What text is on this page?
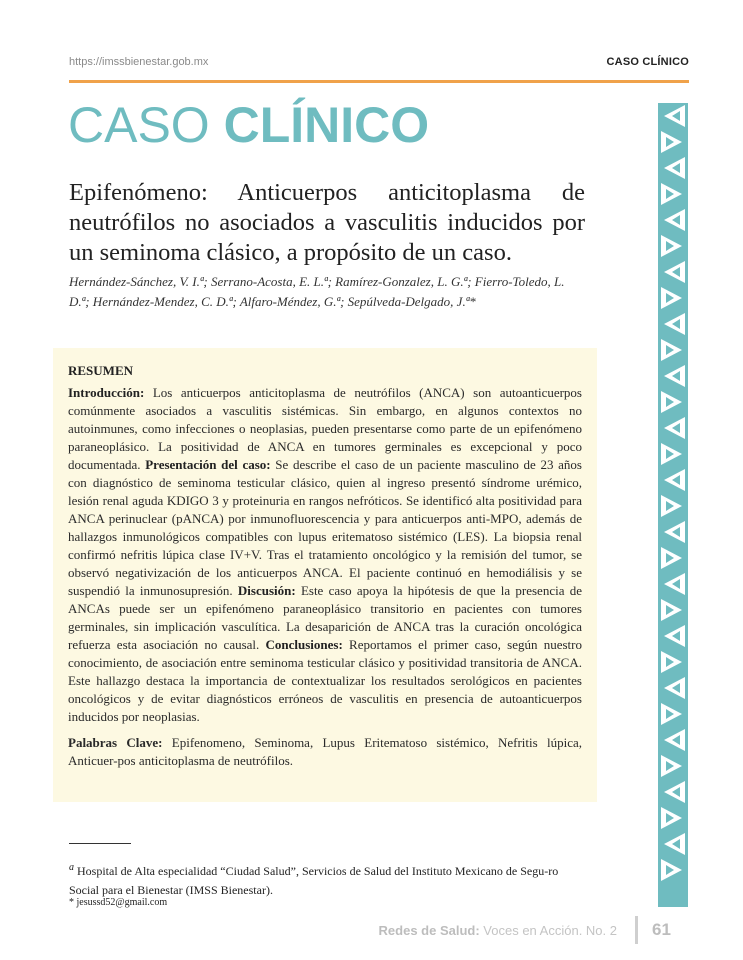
https://imssbienestar.gob.mx	CASO CLÍNICO
CASO CLÍNICO
Epifenómeno: Anticuerpos anticitoplasma de neutrófilos no asociados a vasculitis inducidos por un seminoma clásico, a propósito de un caso.
Hernández-Sánchez, V. I.ª; Serrano-Acosta, E. L.ª; Ramírez-Gonzalez, L. G.ª; Fierro-Toledo, L. D.ª; Hernández-Mendez, C. D.ª; Alfaro-Méndez, G.ª; Sepúlveda-Delgado, J.ª*
RESUMEN

Introducción: Los anticuerpos anticitoplasma de neutrófilos (ANCA) son autoanticuerpos comúnmente asociados a vasculitis sistémicas. Sin embargo, en algunos contextos no autoinmunes, como infecciones o neoplasias, pueden presentarse como parte de un epifenómeno paraneoplásico. La positividad de ANCA en tumores germinales es excepcional y poco documentada. Presentación del caso: Se describe el caso de un paciente masculino de 23 años con diagnóstico de seminoma testicular clásico, quien al ingreso presentó síndrome urémico, lesión renal aguda KDIGO 3 y proteinuria en rangos nefróticos. Se identificó alta positividad para ANCA perinuclear (pANCA) por inmunofluorescencia y para anticuerpos anti-MPO, además de hallazgos inmunológicos compatibles con lupus eritematoso sistémico (LES). La biopsia renal confirmó nefritis lúpica clase IV+V. Tras el tratamiento oncológico y la remisión del tumor, se observó negativización de los anticuerpos ANCA. El paciente continuó en hemodiálisis y se suspendió la inmunosupresión. Discusión: Este caso apoya la hipótesis de que la presencia de ANCAs puede ser un epifenómeno paraneoplásico transitorio en pacientes con tumores germinales, sin implicación vasculítica. La desaparición de ANCA tras la curación oncológica refuerza esta asociación no causal. Conclusiones: Reportamos el primer caso, según nuestro conocimiento, de asociación entre seminoma testicular clásico y positividad transitoria de ANCA. Este hallazgo destaca la importancia de contextualizar los resultados serológicos en pacientes oncológicos y de evitar diagnósticos erróneos de vasculitis en presencia de autoanticuerpos inducidos por neoplasias.

Palabras Clave: Epifenomeno, Seminoma, Lupus Eritematoso sistémico, Nefritis lúpica, Anticuer-pos anticitoplasma de neutrófilos.

$^a$ Hospital de Alta especialidad “Ciudad Salud”, Servicios de Salud del Instituto Mexicano de Segu-ro Social para el Bienestar (IMSS Bienestar).
* jesussd52@gmail.com
Redes de Salud: Voces en Acción. No. 2 61
